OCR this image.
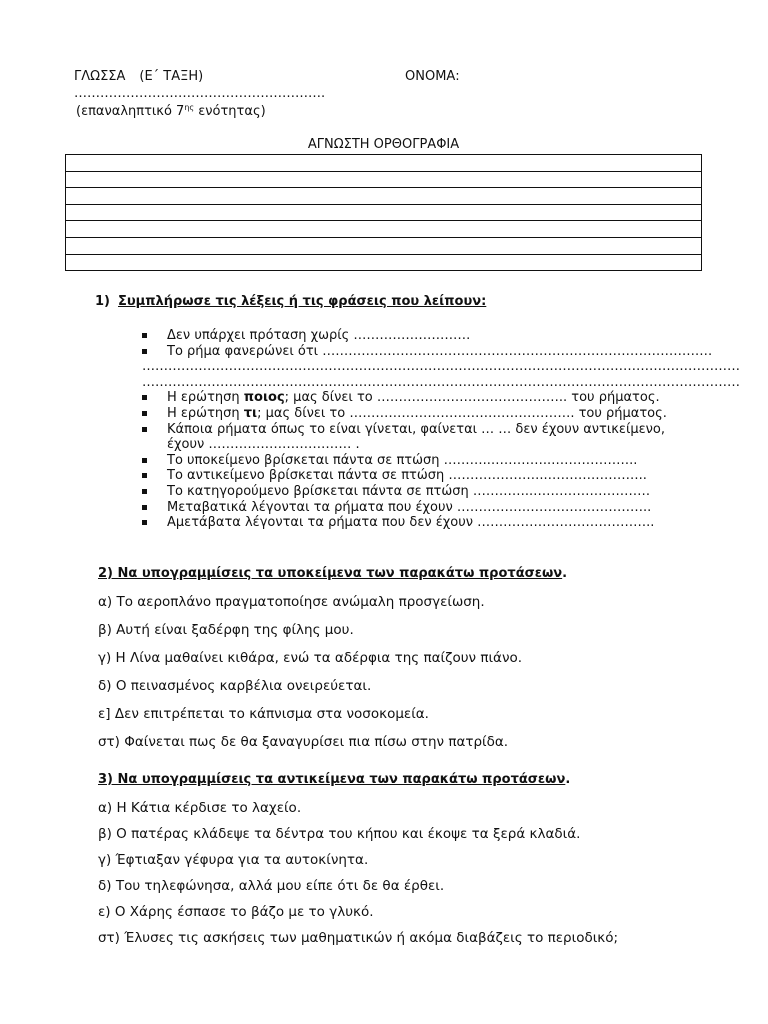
ΓΛΩΣΣΑ (Ε΄ ΤΑΞΗ)	ΟΝΟΜΑ:
………………………………………………….
(επαναληπτικό $7^{\eta\varsigma}$ ενότητας)
ΑΓΝΩΣΤΗ ΟΡΘΟΓΡΑΦΙΑ

1) Συμπλήρωσε τις λέξεις ή τις φράσεις που λείπουν:
Δεν υπάρχει πρόταση χωρίς ………………………
Το ρήμα φανερώνει ότι ………………………………………………………………………………
…………………………………………………………………………………………………………………………
…………………………………………………………………………………………………………………………
Η ερώτηση ποιος; μας δίνει το …………………………………….. του ρήματος.
Η ερώτηση τι; μας δίνει το ……………………………………………. του ρήματος.
Κάποια ρήματα όπως το είναι γίνεται, φαίνεται … … δεν έχουν αντικείμενο,
έχουν …………………………… .
Το υποκείμενο βρίσκεται πάντα σε πτώση ………..…………..………………..
Το αντικείμενο βρίσκεται πάντα σε πτώση …………………..…………………..
Το κατηγορούμενο βρίσκεται πάντα σε πτώση …………..………………………
Μεταβατικά λέγονται τα ρήματα που έχουν …………….………………………..
Αμετάβατα λέγονται τα ρήματα που δεν έχουν …………………………………..
2) Να υπογραμμίσεις τα υποκείμενα των παρακάτω προτάσεων.
α) Το αεροπλάνο πραγματοποίησε ανώμαλη προσγείωση.
β) Αυτή είναι ξαδέρφη της φίλης μου.
γ) Η Λίνα μαθαίνει κιθάρα, ενώ τα αδέρφια της παίζουν πιάνο.
δ) Ο πεινασμένος καρβέλια ονειρεύεται.
ε] Δεν επιτρέπεται το κάπνισμα στα νοσοκομεία.
στ) Φαίνεται πως δε θα ξαναγυρίσει πια πίσω στην πατρίδα.
3) Να υπογραμμίσεις τα αντικείμενα των παρακάτω προτάσεων.
α) Η Κάτια κέρδισε το λαχείο.
β) Ο πατέρας κλάδεψε τα δέντρα του κήπου και έκοψε τα ξερά κλαδιά.
γ) Έφτιαξαν γέφυρα για τα αυτοκίνητα.
δ) Του τηλεφώνησα, αλλά μου είπε ότι δε θα έρθει.
ε) Ο Χάρης έσπασε το βάζο με το γλυκό.
στ) Έλυσες τις ασκήσεις των μαθηματικών ή ακόμα διαβάζεις το περιοδικό;
